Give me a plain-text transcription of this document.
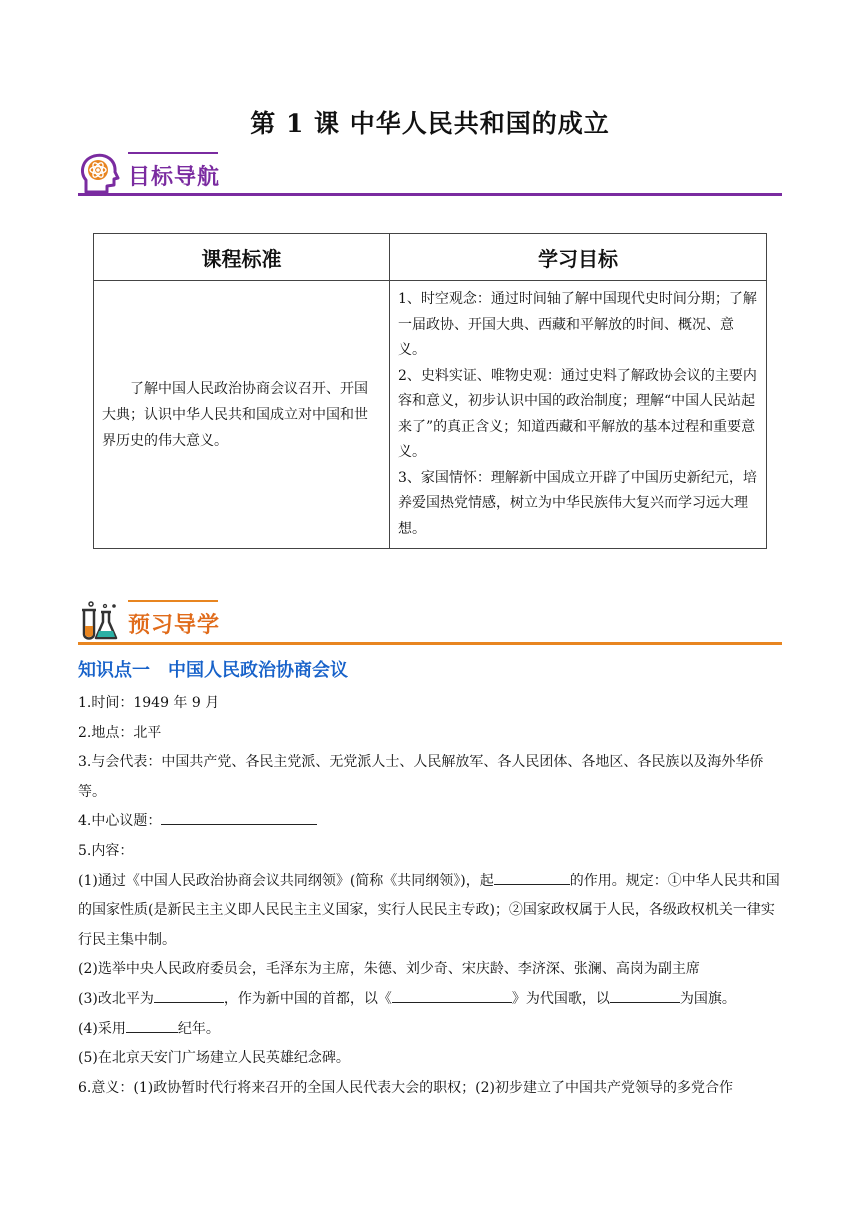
第 1 课 中华人民共和国的成立
目标导航
课程标准	学习目标
了解中国人民政治协商会议召开、开国大典；认识中华人民共和国成立对中国和世界历史的伟大意义。	1、时空观念：通过时间轴了解中国现代史时间分期；了解一届政协、开国大典、西藏和平解放的时间、概况、意义。

2、史料实证、唯物史观：通过史料了解政协会议的主要内容和意义，初步认识中国的政治制度；理解“中国人民站起来了”的真正含义；知道西藏和平解放的基本过程和重要意义。

3、家国情怀：理解新中国成立开辟了中国历史新纪元，培养爱国热党情感，树立为中华民族伟大复兴而学习远大理想。

预习导学
知识点一　中国人民政治协商会议

1.时间：1949 年 9 月

2.地点：北平

3.与会代表：中国共产党、各民主党派、无党派人士、人民解放军、各人民团体、各地区、各民族以及海外华侨等。

4.中心议题：

5.内容：

(1)通过《中国人民政治协商会议共同纲领》(简称《共同纲领》)，起	的作用。规定：①中华人民共和国的国家性质(是新民主主义即人民民主主义国家，实行人民民主专政)；②国家政权属于人民，各级政权机关一律实行民主集中制。

(2)选举中央人民政府委员会，毛泽东为主席，朱德、刘少奇、宋庆龄、李济深、张澜、高岗为副主席

(3)改北平为	，作为新中国的首都，以《	》为代国歌，以	为国旗。

(4)采用	纪年。

(5)在北京天安门广场建立人民英雄纪念碑。

6.意义：(1)政协暂时代行将来召开的全国人民代表大会的职权；(2)初步建立了中国共产党领导的多党合作
